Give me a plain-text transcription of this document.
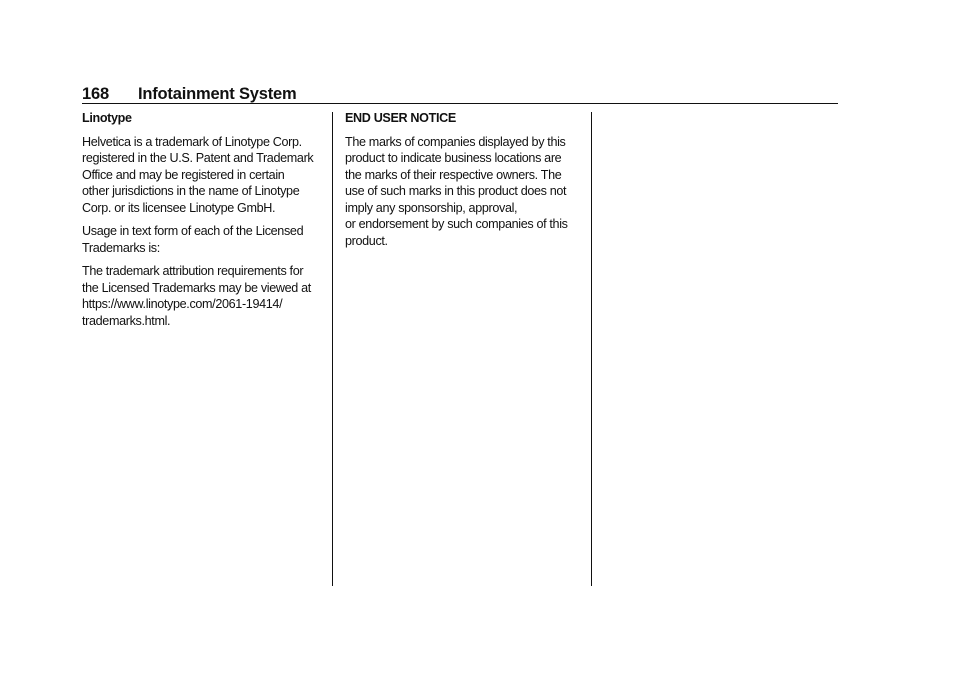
168	Infotainment System

Linotype

Helvetica is a trademark of Linotype Corp.
registered in the U.S. Patent and Trademark
Office and may be registered in certain
other jurisdictions in the name of Linotype
Corp. or its licensee Linotype GmbH.

Usage in text form of each of the Licensed
Trademarks is:

The trademark attribution requirements for
the Licensed Trademarks may be viewed at
https://www.linotype.com/2061-19414/
trademarks.html.

END USER NOTICE

The marks of companies displayed by this
product to indicate business locations are
the marks of their respective owners. The
use of such marks in this product does not
imply any sponsorship, approval,
or endorsement by such companies of this
product.
